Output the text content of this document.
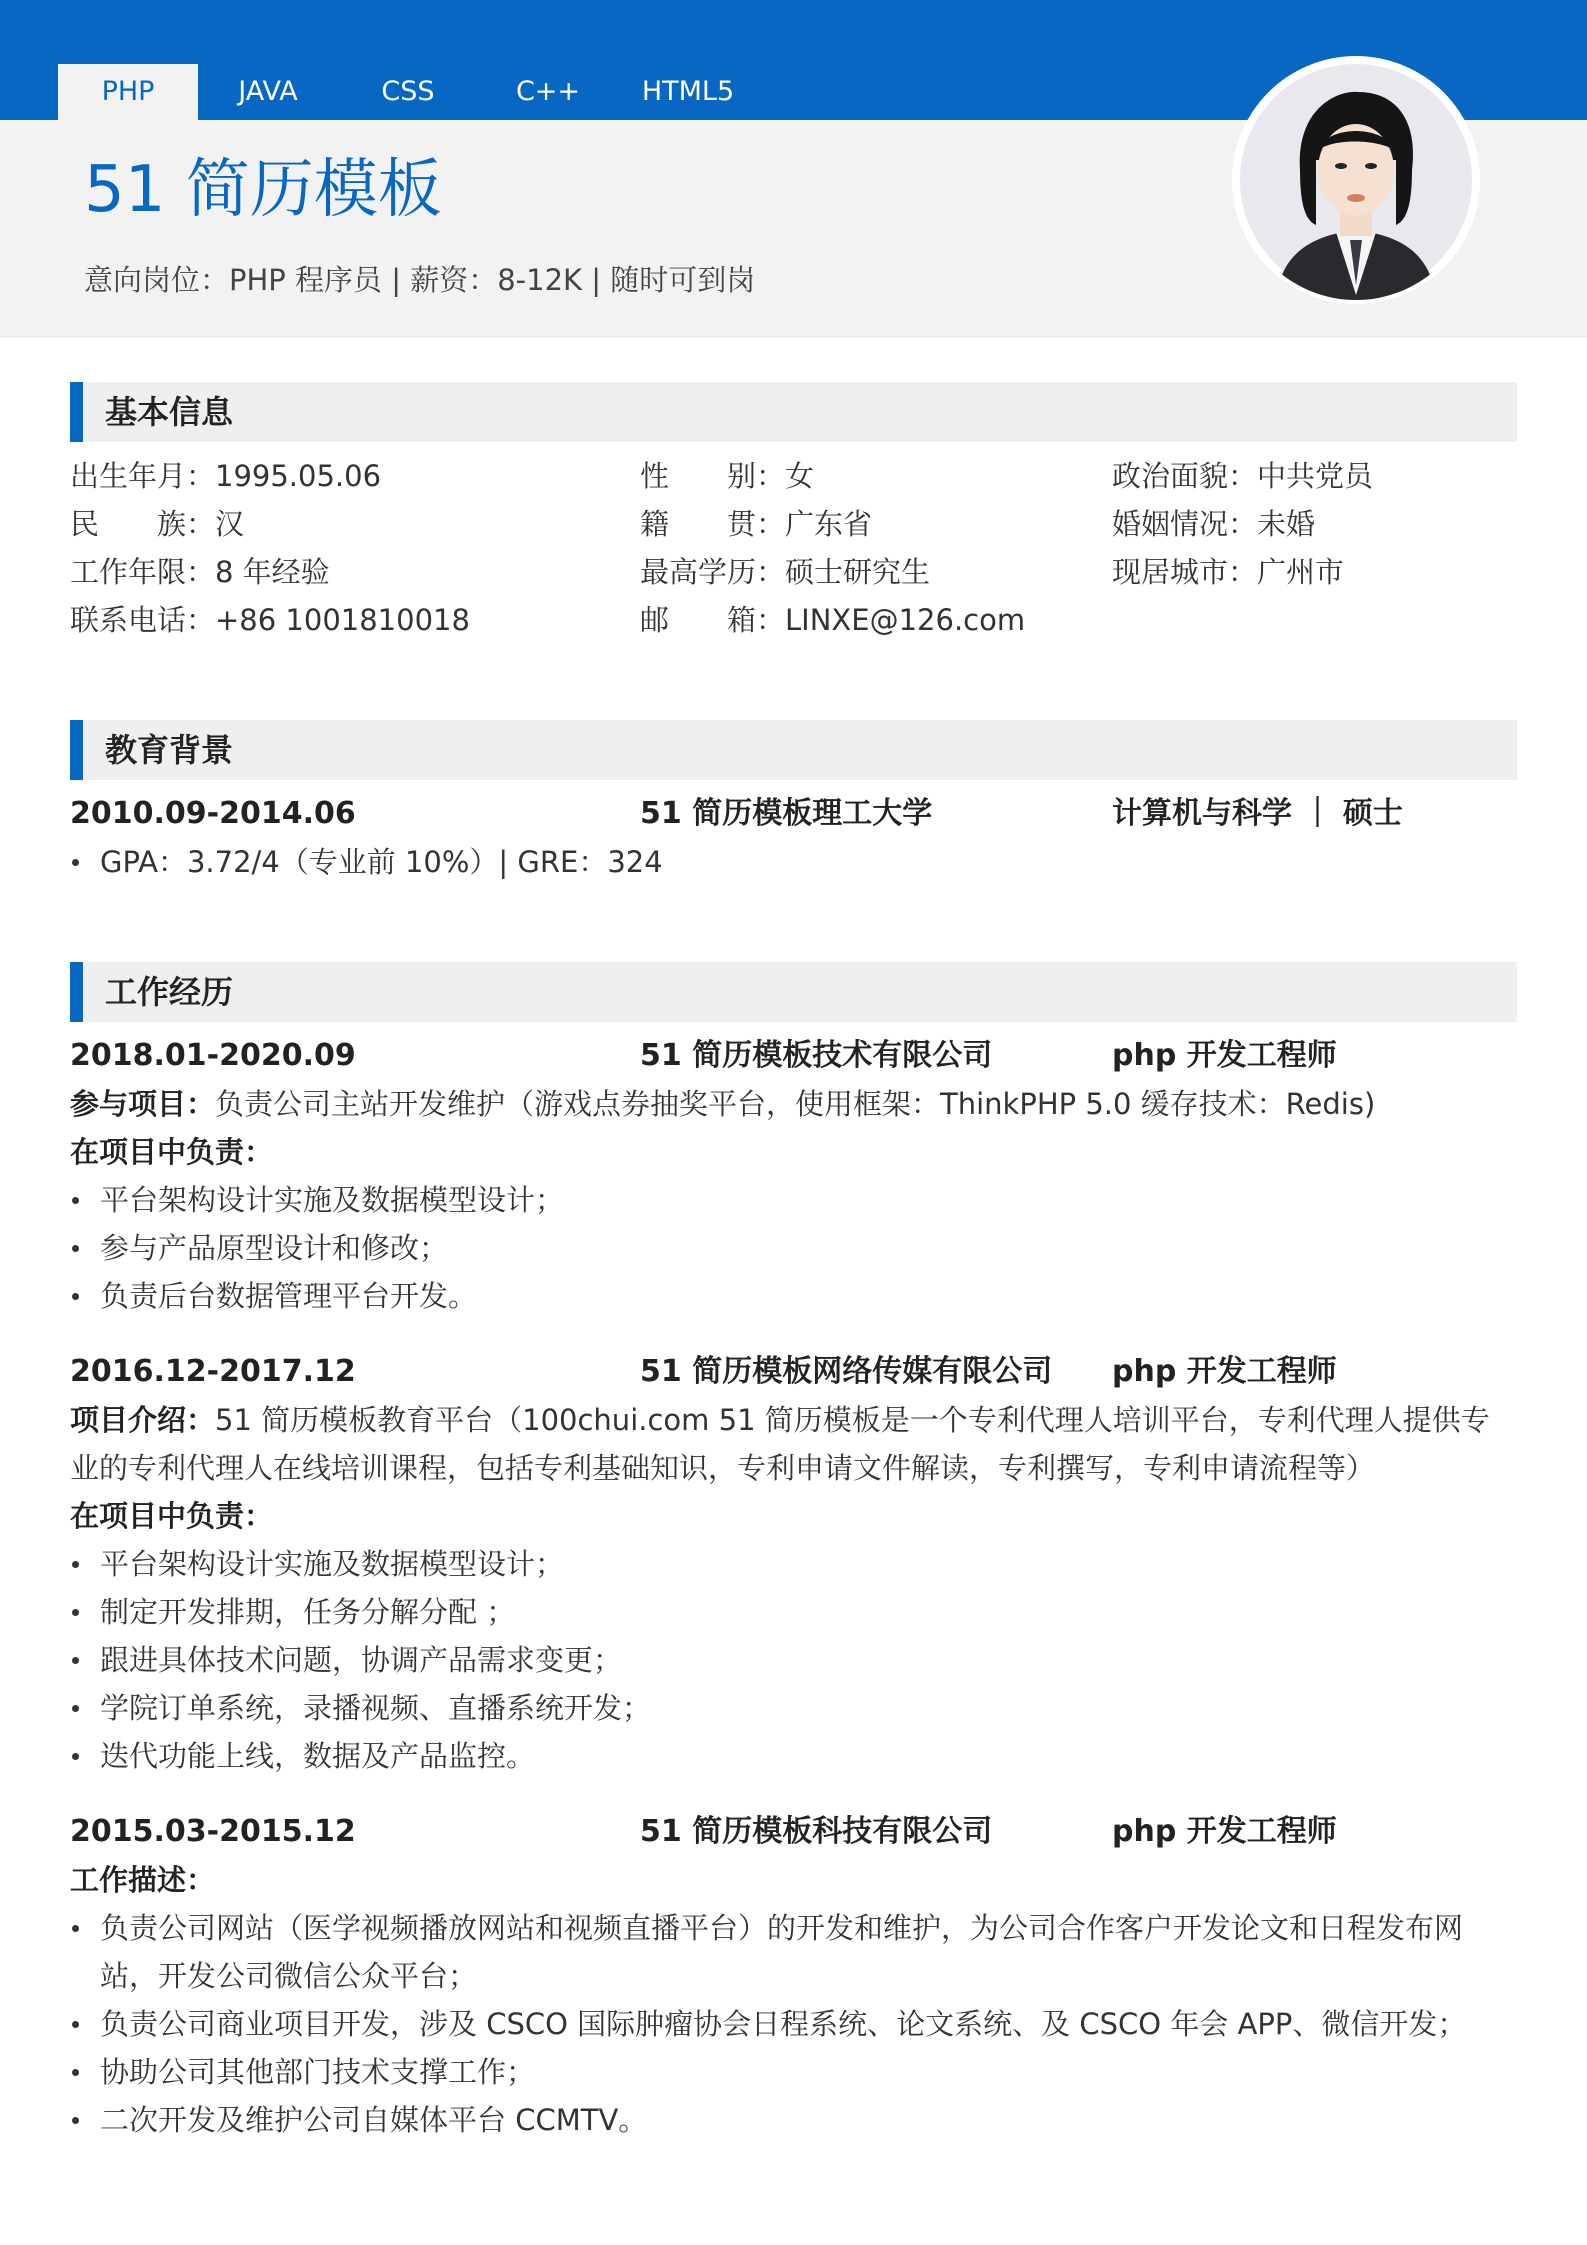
PHP	JAVA	CSS	C++	HTML5
51 简历模板
意向岗位：PHP 程序员 | 薪资：8-12K | 随时可到岗
基本信息
出生年月：1995.05.06	性　　别：女	政治面貌：中共党员
民　　族：汉	籍　　贯：广东省	婚姻情况：未婚
工作年限：8 年经验	最高学历：硕士研究生	现居城市：广州市
联系电话：+86 1001810018	邮　　箱：LINXE@126.com
教育背景
2010.09-2014.06	51 简历模板理工大学	计算机与科学 ｜ 硕士
GPA：3.72/4（专业前 10%）| GRE：324
工作经历
2018.01-2020.09	51 简历模板技术有限公司	php 开发工程师
参与项目：负责公司主站开发维护（游戏点券抽奖平台，使用框架：ThinkPHP 5.0 缓存技术：Redis)
在项目中负责：
平台架构设计实施及数据模型设计；
参与产品原型设计和修改；
负责后台数据管理平台开发。
2016.12-2017.12	51 简历模板网络传媒有限公司 php 开发工程师
项目介绍：51 简历模板教育平台（100chui.com 51 简历模板是一个专利代理人培训平台，专利代理人提供专业的专利代理人在线培训课程，包括专利基础知识，专利申请文件解读，专利撰写，专利申请流程等）
在项目中负责：
平台架构设计实施及数据模型设计；
制定开发排期，任务分解分配 ；
跟进具体技术问题，协调产品需求变更；
学院订单系统，录播视频、直播系统开发；
迭代功能上线，数据及产品监控。
2015.03-2015.12	51 简历模板科技有限公司	php 开发工程师
工作描述：
负责公司网站（医学视频播放网站和视频直播平台）的开发和维护，为公司合作客户开发论文和日程发布网站，开发公司微信公众平台；
负责公司商业项目开发，涉及 CSCO 国际肿瘤协会日程系统、论文系统、及 CSCO 年会 APP、微信开发；
协助公司其他部门技术支撑工作；
二次开发及维护公司自媒体平台 CCMTV。
